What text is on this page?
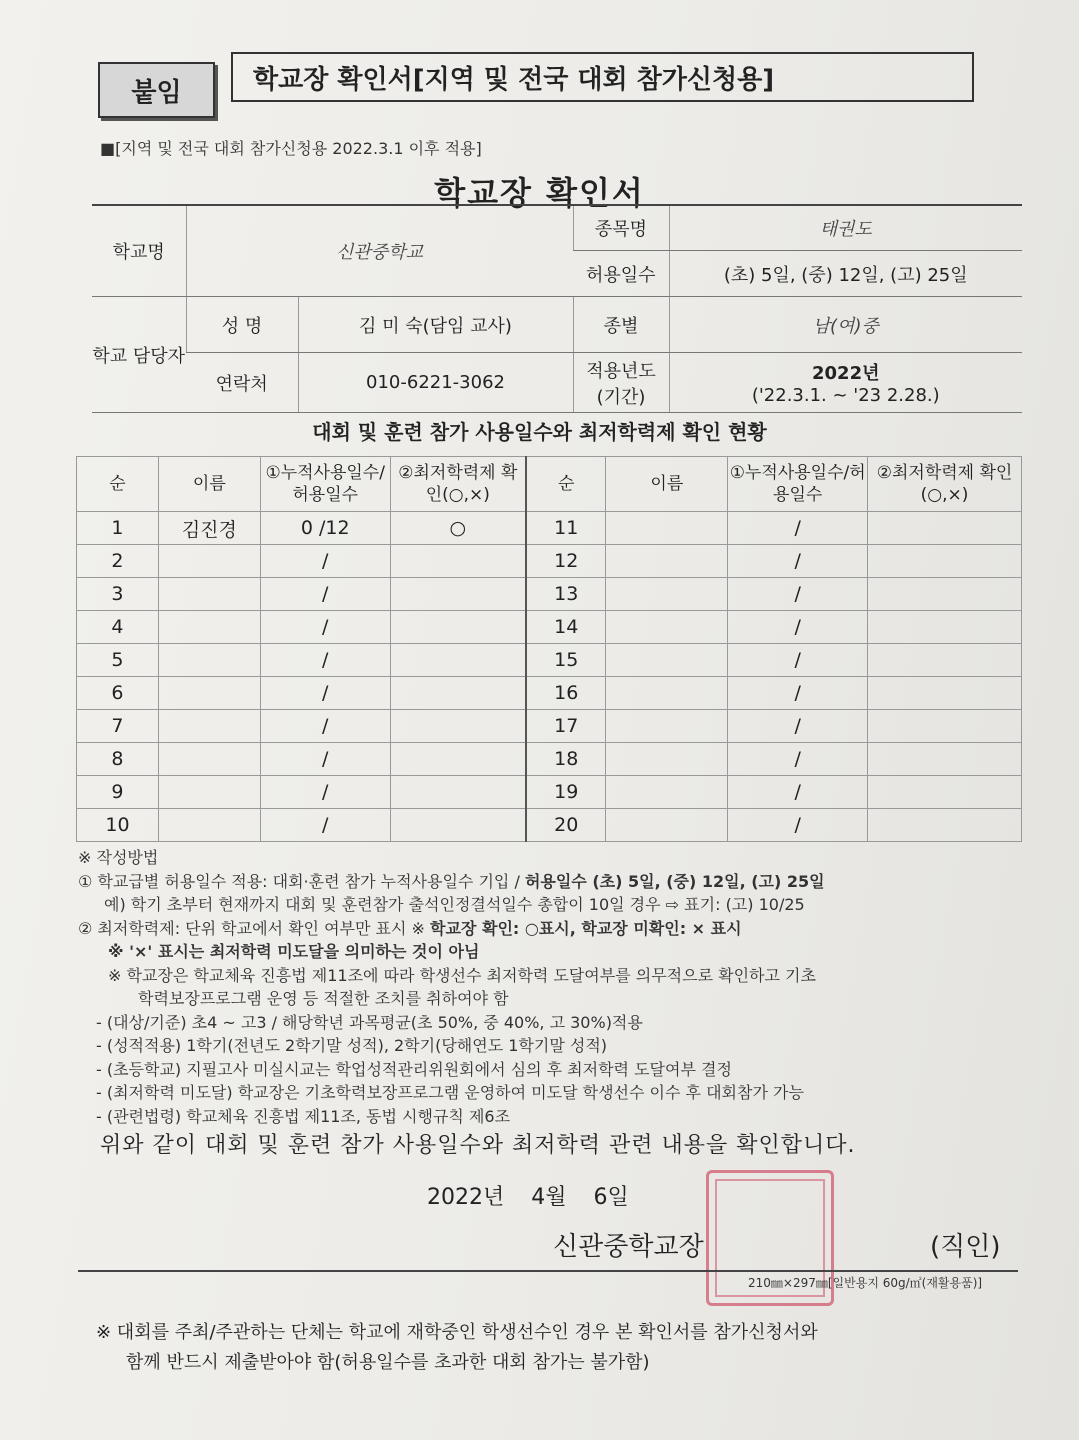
붙임	학교장 확인서[지역 및 전국 대회 참가신청용]
■[지역 및 전국 대회 참가신청용 2022.3.1 이후 적용]
학교장 확인서
학교명	신관중학교		종목명	태권도
			허용일수	(초) 5일, (중) 12일, (고) 25일
학교 담당자	성 명	김 미 숙(담임 교사)	종별	남(여)중
	연락처	010-6221-3062	적용년도 (기간)	2022년
('22.3.1. ~ '23 2.28.)
대회 및 훈련 참가 사용일수와 최저학력제 확인 현황
순	이름	①누적사용일수/허용일수	②최저학력제 확인(○,×)	순	이름	①누적사용일수/허용일수	②최저학력제 확인(○,×)
1	김진경	0 /12	○	11		/	
2		/		12		/	
3		/		13		/	
4		/		14		/	
5		/		15		/	
6		/		16		/	
7		/		17		/	
8		/		18		/	
9		/		19		/	
10		/		20		/	
※ 작성방법
① 학교급별 허용일수 적용: 대회·훈련 참가 누적사용일수 기입 / 허용일수 (초) 5일, (중) 12일, (고) 25일
예) 학기 초부터 현재까지 대회 및 훈련참가 출석인정결석일수 총합이 10일 경우 ⇨ 표기: (고) 10/25
② 최저학력제: 단위 학교에서 확인 여부만 표시 ※ 학교장 확인: ○표시, 학교장 미확인: × 표시
※ '×' 표시는 최저학력 미도달을 의미하는 것이 아님
※ 학교장은 학교체육 진흥법 제11조에 따라 학생선수 최저학력 도달여부를 의무적으로 확인하고 기초
학력보장프로그램 운영 등 적절한 조치를 취하여야 함
- (대상/기준) 초4 ~ 고3 / 해당학년 과목평균(초 50%, 중 40%, 고 30%)적용
- (성적적용) 1학기(전년도 2학기말 성적), 2학기(당해연도 1학기말 성적)
- (초등학교) 지필고사 미실시교는 학업성적관리위원회에서 심의 후 최저학력 도달여부 결정
- (최저학력 미도달) 학교장은 기초학력보장프로그램 운영하여 미도달 학생선수 이수 후 대회참가 가능
- (관련법령) 학교체육 진흥법 제11조, 동법 시행규칙 제6조
위와 같이 대회 및 훈련 참가 사용일수와 최저학력 관련 내용을 확인합니다.
2022년 4월 6일
신관중학교장	(직인)
210㎜×297㎜[일반용지 60g/㎡(재활용품)]
※ 대회를 주최/주관하는 단체는 학교에 재학중인 학생선수인 경우 본 확인서를 참가신청서와
함께 반드시 제출받아야 함(허용일수를 초과한 대회 참가는 불가함)
